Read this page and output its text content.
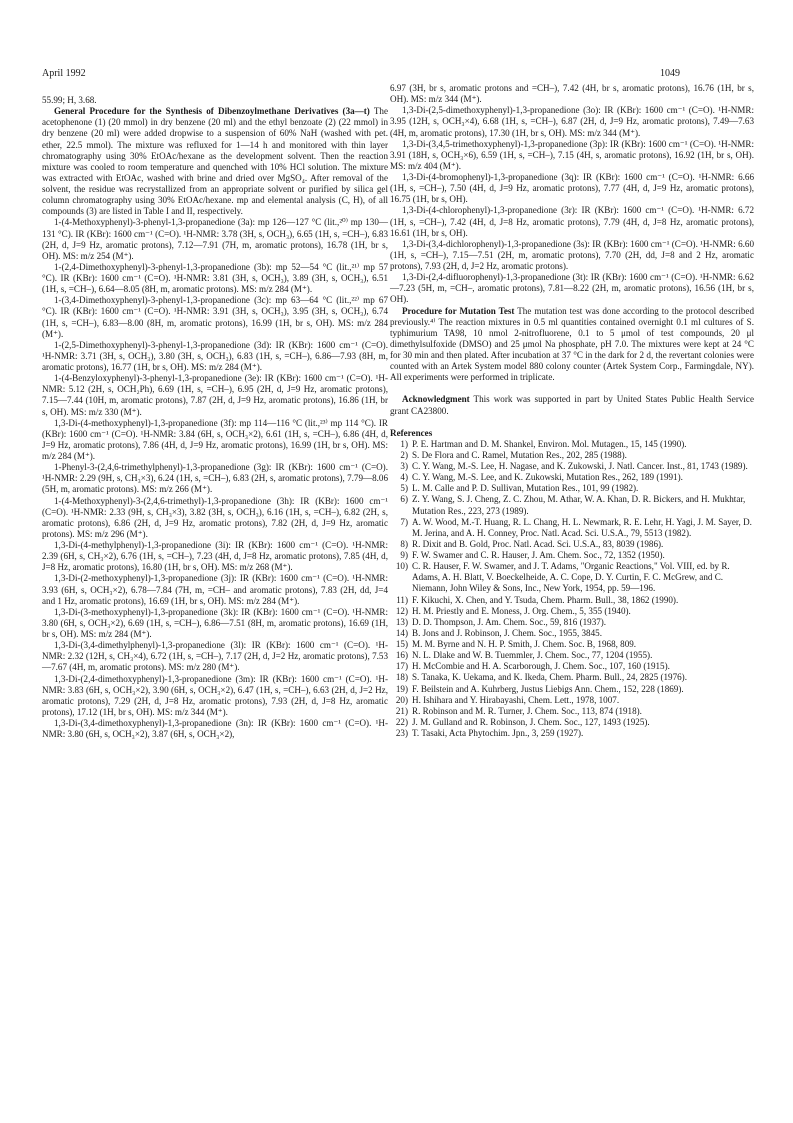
April 1992	1049

55.99; H, 3.68.

General Procedure for the Synthesis of Dibenzoylmethane Derivatives (3a—t) The acetophenone (1) (20 mmol) in dry benzene (20 ml) and the ethyl benzoate (2) (22 mmol) in dry benzene (20 ml) were added dropwise to a suspension of 60% NaH (washed with pet. ether, 22.5 mmol). The mixture was refluxed for 1—14 h and monitored with thin layer chromatography using 30% EtOAc/hexane as the development solvent. Then the reaction mixture was cooled to room temperature and quenched with 10% HCl solution. The mixture was extracted with EtOAc, washed with brine and dried over MgSO₄. After removal of the solvent, the residue was recrystallized from an appropriate solvent or purified by silica gel column chromatography using 30% EtOAc/hexane. mp and elemental analysis (C, H), of all compounds (3) are listed in Table I and II, respectively.

1-(4-Methoxyphenyl)-3-phenyl-1,3-propanedione (3a): mp 126—127 °C (lit.,²⁰⁾ mp 130—131 °C). IR (KBr): 1600 cm⁻¹ (C=O). ¹H-NMR: 3.78 (3H, s, OCH₃), 6.65 (1H, s, =CH–), 6.83 (2H, d, J=9 Hz, aromatic protons), 7.12—7.91 (7H, m, aromatic protons), 16.78 (1H, br s, OH). MS: m/z 254 (M⁺).

1-(2,4-Dimethoxyphenyl)-3-phenyl-1,3-propanedione (3b): mp 52—54 °C (lit.,²¹⁾ mp 57 °C). IR (KBr): 1600 cm⁻¹ (C=O). ¹H-NMR: 3.81 (3H, s, OCH₃), 3.89 (3H, s, OCH₃), 6.51 (1H, s, =CH–), 6.64—8.05 (8H, m, aromatic protons). MS: m/z 284 (M⁺).

1-(3,4-Dimethoxyphenyl)-3-phenyl-1,3-propanedione (3c): mp 63—64 °C (lit.,²²⁾ mp 67 °C). IR (KBr): 1600 cm⁻¹ (C=O). ¹H-NMR: 3.91 (3H, s, OCH₃), 3.95 (3H, s, OCH₃), 6.74 (1H, s, =CH–), 6.83—8.00 (8H, m, aromatic protons), 16.99 (1H, br s, OH). MS: m/z 284 (M⁺).

1-(2,5-Dimethoxyphenyl)-3-phenyl-1,3-propanedione (3d): IR (KBr): 1600 cm⁻¹ (C=O). ¹H-NMR: 3.71 (3H, s, OCH₃), 3.80 (3H, s, OCH₃), 6.83 (1H, s, =CH–), 6.86—7.93 (8H, m, aromatic protons), 16.77 (1H, br s, OH). MS: m/z 284 (M⁺).

1-(4-Benzyloxyphenyl)-3-phenyl-1,3-propanedione (3e): IR (KBr): 1600 cm⁻¹ (C=O). ¹H-NMR: 5.12 (2H, s, OCH₂Ph), 6.69 (1H, s, =CH–), 6.95 (2H, d, J=9 Hz, aromatic protons), 7.15—7.44 (10H, m, aromatic protons), 7.87 (2H, d, J=9 Hz, aromatic protons), 16.86 (1H, br s, OH). MS: m/z 330 (M⁺).

1,3-Di-(4-methoxyphenyl)-1,3-propanedione (3f): mp 114—116 °C (lit.,²³⁾ mp 114 °C). IR (KBr): 1600 cm⁻¹ (C=O). ¹H-NMR: 3.84 (6H, s, OCH₃×2), 6.61 (1H, s, =CH–), 6.86 (4H, d, J=9 Hz, aromatic protons), 7.86 (4H, d, J=9 Hz, aromatic protons), 16.99 (1H, br s, OH). MS: m/z 284 (M⁺).

1-Phenyl-3-(2,4,6-trimethylphenyl)-1,3-propanedione (3g): IR (KBr): 1600 cm⁻¹ (C=O). ¹H-NMR: 2.29 (9H, s, CH₃×3), 6.24 (1H, s, =CH–), 6.83 (2H, s, aromatic protons), 7.79—8.06 (5H, m, aromatic protons). MS: m/z 266 (M⁺).

1-(4-Methoxyphenyl)-3-(2,4,6-trimethyl)-1,3-propanedione (3h): IR (KBr): 1600 cm⁻¹ (C=O). ¹H-NMR: 2.33 (9H, s, CH₃×3), 3.82 (3H, s, OCH₃), 6.16 (1H, s, =CH–), 6.82 (2H, s, aromatic protons), 6.86 (2H, d, J=9 Hz, aromatic protons), 7.82 (2H, d, J=9 Hz, aromatic protons). MS: m/z 296 (M⁺).

1,3-Di-(4-methylphenyl)-1,3-propanedione (3i): IR (KBr): 1600 cm⁻¹ (C=O). ¹H-NMR: 2.39 (6H, s, CH₃×2), 6.76 (1H, s, =CH–), 7.23 (4H, d, J=8 Hz, aromatic protons), 7.85 (4H, d, J=8 Hz, aromatic protons), 16.80 (1H, br s, OH). MS: m/z 268 (M⁺).

1,3-Di-(2-methoxyphenyl)-1,3-propanedione (3j): IR (KBr): 1600 cm⁻¹ (C=O). ¹H-NMR: 3.93 (6H, s, OCH₃×2), 6.78—7.84 (7H, m, =CH– and aromatic protons), 7.83 (2H, dd, J=4 and 1 Hz, aromatic protons), 16.69 (1H, br s, OH). MS: m/z 284 (M⁺).

1,3-Di-(3-methoxyphenyl)-1,3-propanedione (3k): IR (KBr): 1600 cm⁻¹ (C=O). ¹H-NMR: 3.80 (6H, s, OCH₃×2), 6.69 (1H, s, =CH–), 6.86—7.51 (8H, m, aromatic protons), 16.69 (1H, br s, OH). MS: m/z 284 (M⁺).

1,3-Di-(3,4-dimethylphenyl)-1,3-propanedione (3l): IR (KBr): 1600 cm⁻¹ (C=O). ¹H-NMR: 2.32 (12H, s, CH₃×4), 6.72 (1H, s, =CH–), 7.17 (2H, d, J=2 Hz, aromatic protons), 7.53—7.67 (4H, m, aromatic protons). MS: m/z 280 (M⁺).

1,3-Di-(2,4-dimethoxyphenyl)-1,3-propanedione (3m): IR (KBr): 1600 cm⁻¹ (C=O). ¹H-NMR: 3.83 (6H, s, OCH₃×2), 3.90 (6H, s, OCH₃×2), 6.47 (1H, s, =CH–), 6.63 (2H, d, J=2 Hz, aromatic protons), 7.29 (2H, d, J=8 Hz, aromatic protons), 7.93 (2H, d, J=8 Hz, aromatic protons), 17.12 (1H, br s, OH). MS: m/z 344 (M⁺).

1,3-Di-(3,4-dimethoxyphenyl)-1,3-propanedione (3n): IR (KBr): 1600 cm⁻¹ (C=O). ¹H-NMR: 3.80 (6H, s, OCH₃×2), 3.87 (6H, s, OCH₃×2),

6.97 (3H, br s, aromatic protons and =CH–), 7.42 (4H, br s, aromatic protons), 16.76 (1H, br s, OH). MS: m/z 344 (M⁺).

1,3-Di-(2,5-dimethoxyphenyl)-1,3-propanedione (3o): IR (KBr): 1600 cm⁻¹ (C=O). ¹H-NMR: 3.95 (12H, s, OCH₃×4), 6.68 (1H, s, =CH–), 6.87 (2H, d, J=9 Hz, aromatic protons), 7.49—7.63 (4H, m, aromatic protons), 17.30 (1H, br s, OH). MS: m/z 344 (M⁺).

1,3-Di-(3,4,5-trimethoxyphenyl)-1,3-propanedione (3p): IR (KBr): 1600 cm⁻¹ (C=O). ¹H-NMR: 3.91 (18H, s, OCH₃×6), 6.59 (1H, s, =CH–), 7.15 (4H, s, aromatic protons), 16.92 (1H, br s, OH). MS: m/z 404 (M⁺).

1,3-Di-(4-bromophenyl)-1,3-propanedione (3q): IR (KBr): 1600 cm⁻¹ (C=O). ¹H-NMR: 6.66 (1H, s, =CH–), 7.50 (4H, d, J=9 Hz, aromatic protons), 7.77 (4H, d, J=9 Hz, aromatic protons), 16.75 (1H, br s, OH).

1,3-Di-(4-chlorophenyl)-1,3-propanedione (3r): IR (KBr): 1600 cm⁻¹ (C=O). ¹H-NMR: 6.72 (1H, s, =CH–), 7.42 (4H, d, J=8 Hz, aromatic protons), 7.79 (4H, d, J=8 Hz, aromatic protons), 16.61 (1H, br s, OH).

1,3-Di-(3,4-dichlorophenyl)-1,3-propanedione (3s): IR (KBr): 1600 cm⁻¹ (C=O). ¹H-NMR: 6.60 (1H, s, =CH–), 7.15—7.51 (2H, m, aromatic protons), 7.70 (2H, dd, J=8 and 2 Hz, aromatic protons), 7.93 (2H, d, J=2 Hz, aromatic protons).

1,3-Di-(2,4-difluorophenyl)-1,3-propanedione (3t): IR (KBr): 1600 cm⁻¹ (C=O). ¹H-NMR: 6.62—7.23 (5H, m, =CH–, aromatic protons), 7.81—8.22 (2H, m, aromatic protons), 16.56 (1H, br s, OH).

Procedure for Mutation Test The mutation test was done according to the protocol described previously.⁴⁾ The reaction mixtures in 0.5 ml quantities contained overnight 0.1 ml cultures of S. typhimurium TA98, 10 nmol 2-nitrofluorene, 0.1 to 5 μmol of test compounds, 20 μl dimethylsulfoxide (DMSO) and 25 μmol Na phosphate, pH 7.0. The mixtures were kept at 24 °C for 30 min and then plated. After incubation at 37 °C in the dark for 2 d, the revertant colonies were counted with an Artek System model 880 colony counter (Artek System Corp., Farmingdale, NY). All experiments were performed in triplicate.

Acknowledgment This work was supported in part by United States Public Health Service grant CA23800.

References

1) P. E. Hartman and D. M. Shankel, Environ. Mol. Mutagen., 15, 145 (1990).
2) S. De Flora and C. Ramel, Mutation Res., 202, 285 (1988).
3) C. Y. Wang, M.-S. Lee, H. Nagase, and K. Zukowski, J. Natl. Cancer. Inst., 81, 1743 (1989).
4) C. Y. Wang, M.-S. Lee, and K. Zukowski, Mutation Res., 262, 189 (1991).
5) L. M. Calle and P. D. Sullivan, Mutation Res., 101, 99 (1982).
6) Z. Y. Wang, S. J. Cheng, Z. C. Zhou, M. Athar, W. A. Khan, D. R. Bickers, and H. Mukhtar, Mutation Res., 223, 273 (1989).
7) A. W. Wood, M.-T. Huang, R. L. Chang, H. L. Newmark, R. E. Lehr, H. Yagi, J. M. Sayer, D. M. Jerina, and A. H. Conney, Proc. Natl. Acad. Sci. U.S.A., 79, 5513 (1982).
8) R. Dixit and B. Gold, Proc. Natl. Acad. Sci. U.S.A., 83, 8039 (1986).
9) F. W. Swamer and C. R. Hauser, J. Am. Chem. Soc., 72, 1352 (1950).
10) C. R. Hauser, F. W. Swamer, and J. T. Adams, "Organic Reactions," Vol. VIII, ed. by R. Adams, A. H. Blatt, V. Boeckelheide, A. C. Cope, D. Y. Curtin, F. C. McGrew, and C. Niemann, John Wiley & Sons, Inc., New York, 1954, pp. 59—196.
11) F. Kikuchi, X. Chen, and Y. Tsuda, Chem. Pharm. Bull., 38, 1862 (1990).
12) H. M. Priestly and E. Moness, J. Org. Chem., 5, 355 (1940).
13) D. D. Thompson, J. Am. Chem. Soc., 59, 816 (1937).
14) B. Jons and J. Robinson, J. Chem. Soc., 1955, 3845.
15) M. M. Byrne and N. H. P. Smith, J. Chem. Soc. B, 1968, 809.
16) N. L. Dlake and W. B. Tuemmler, J. Chem. Soc., 77, 1204 (1955).
17) H. McCombie and H. A. Scarborough, J. Chem. Soc., 107, 160 (1915).
18) S. Tanaka, K. Uekama, and K. Ikeda, Chem. Pharm. Bull., 24, 2825 (1976).
19) F. Beilstein and A. Kuhrberg, Justus Liebigs Ann. Chem., 152, 228 (1869).
20) H. Ishihara and Y. Hirabayashi, Chem. Lett., 1978, 1007.
21) R. Robinson and M. R. Turner, J. Chem. Soc., 113, 874 (1918).
22) J. M. Gulland and R. Robinson, J. Chem. Soc., 127, 1493 (1925).
23) T. Tasaki, Acta Phytochim. Jpn., 3, 259 (1927).
